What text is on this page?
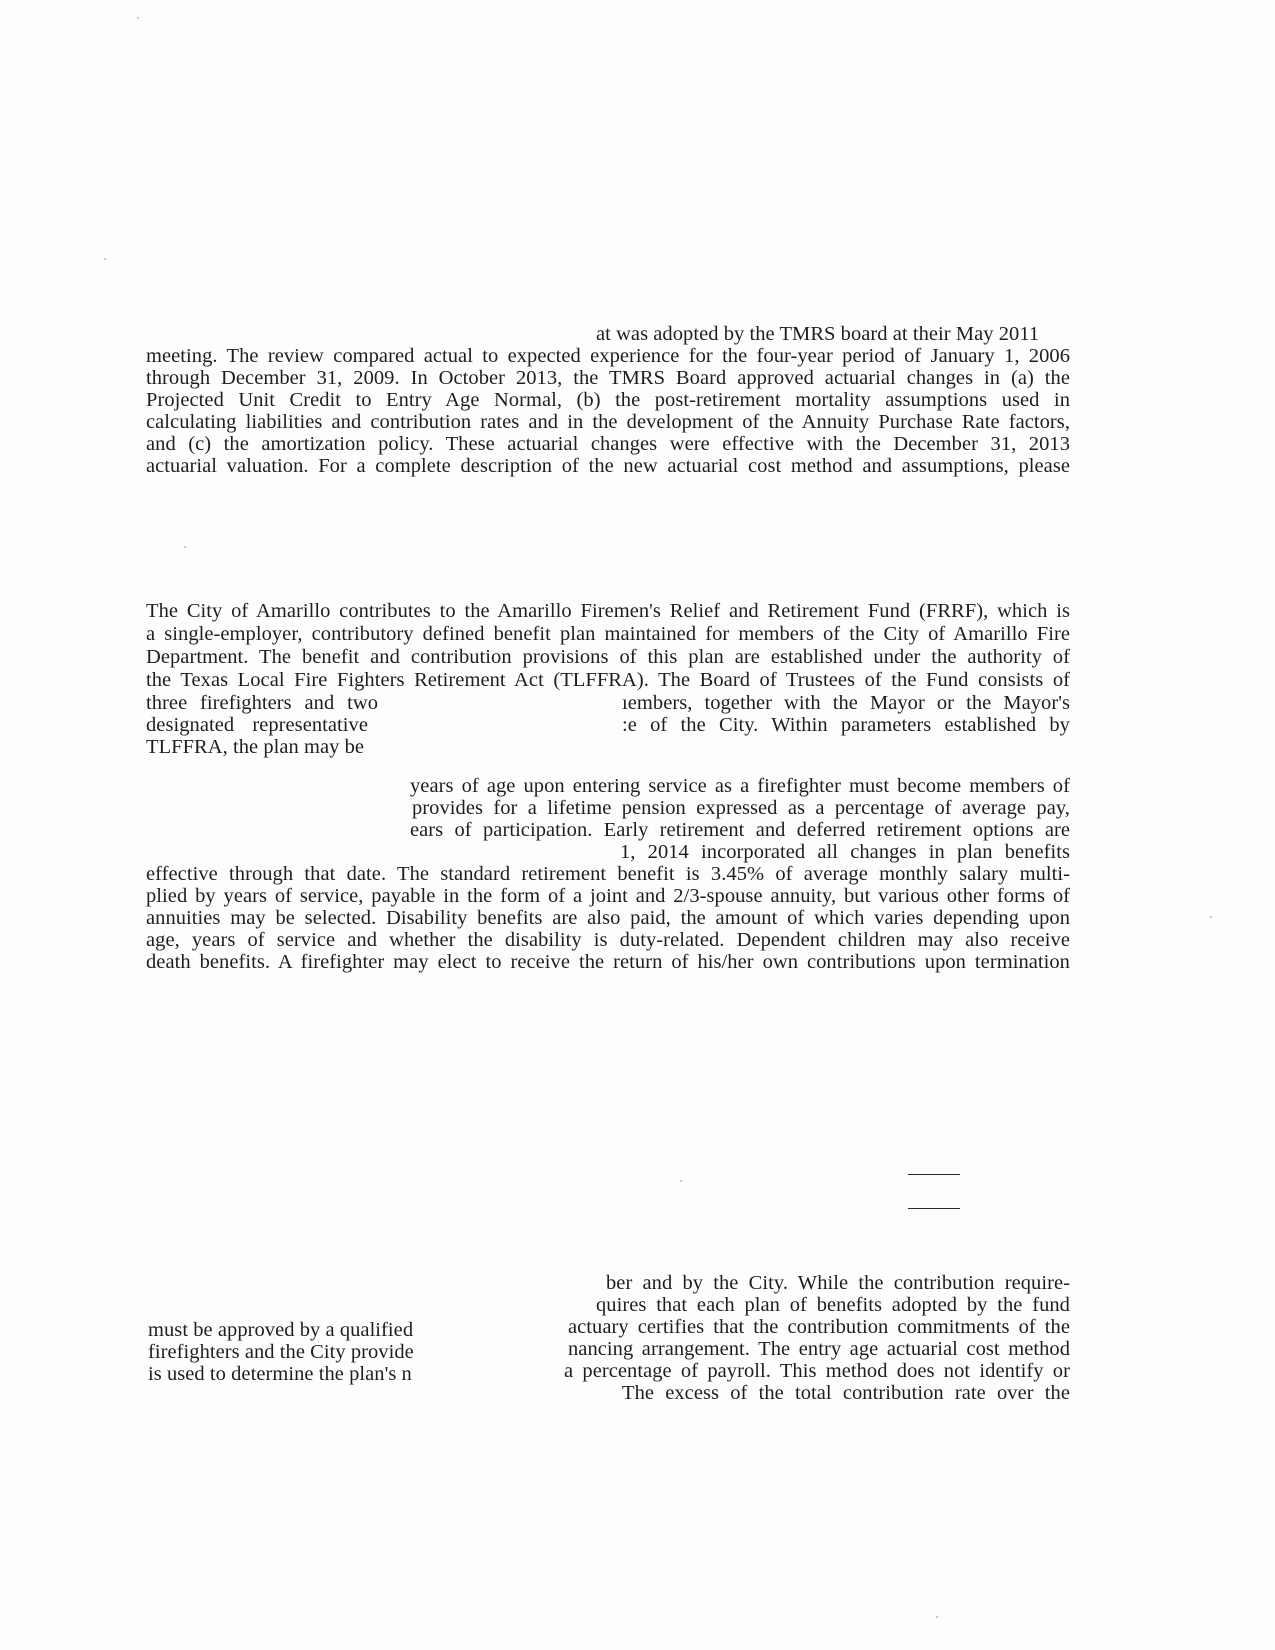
at was adopted by the TMRS board at their May 2011
meeting. The review compared actual to expected experience for the four-year period of January 1, 2006
through December 31, 2009. In October 2013, the TMRS Board approved actuarial changes in (a) the
Projected Unit Credit to Entry Age Normal, (b) the post-retirement mortality assumptions used in
calculating liabilities and contribution rates and in the development of the Annuity Purchase Rate factors,
and (c) the amortization policy. These actuarial changes were effective with the December 31, 2013
actuarial valuation. For a complete description of the new actuarial cost method and assumptions, please
The City of Amarillo contributes to the Amarillo Firemen's Relief and Retirement Fund (FRRF), which is
a single-employer, contributory defined benefit plan maintained for members of the City of Amarillo Fire
Department. The benefit and contribution provisions of this plan are established under the authority of
the Texas Local Fire Fighters Retirement Act (TLFFRA). The Board of Trustees of the Fund consists of
three firefighters and two	ıembers, together with the Mayor or the Mayor's
designated representative	:e of the City. Within parameters established by
TLFFRA, the plan may be
years of age upon entering service as a firefighter must become members of
provides for a lifetime pension expressed as a percentage of average pay,
ears of participation. Early retirement and deferred retirement options are
1, 2014 incorporated all changes in plan benefits
effective through that date. The standard retirement benefit is 3.45% of average monthly salary multi-
plied by years of service, payable in the form of a joint and 2/3-spouse annuity, but various other forms of
annuities may be selected. Disability benefits are also paid, the amount of which varies depending upon
age, years of service and whether the disability is duty-related. Dependent children may also receive
death benefits. A firefighter may elect to receive the return of his/her own contributions upon termination
ber and by the City. While the contribution require-
quires that each plan of benefits adopted by the fund
actuary certifies that the contribution commitments of the
nancing arrangement. The entry age actuarial cost method
a percentage of payroll. This method does not identify or
The excess of the total contribution rate over the
must be approved by a qualified
firefighters and the City provide
is used to determine the plan's n
